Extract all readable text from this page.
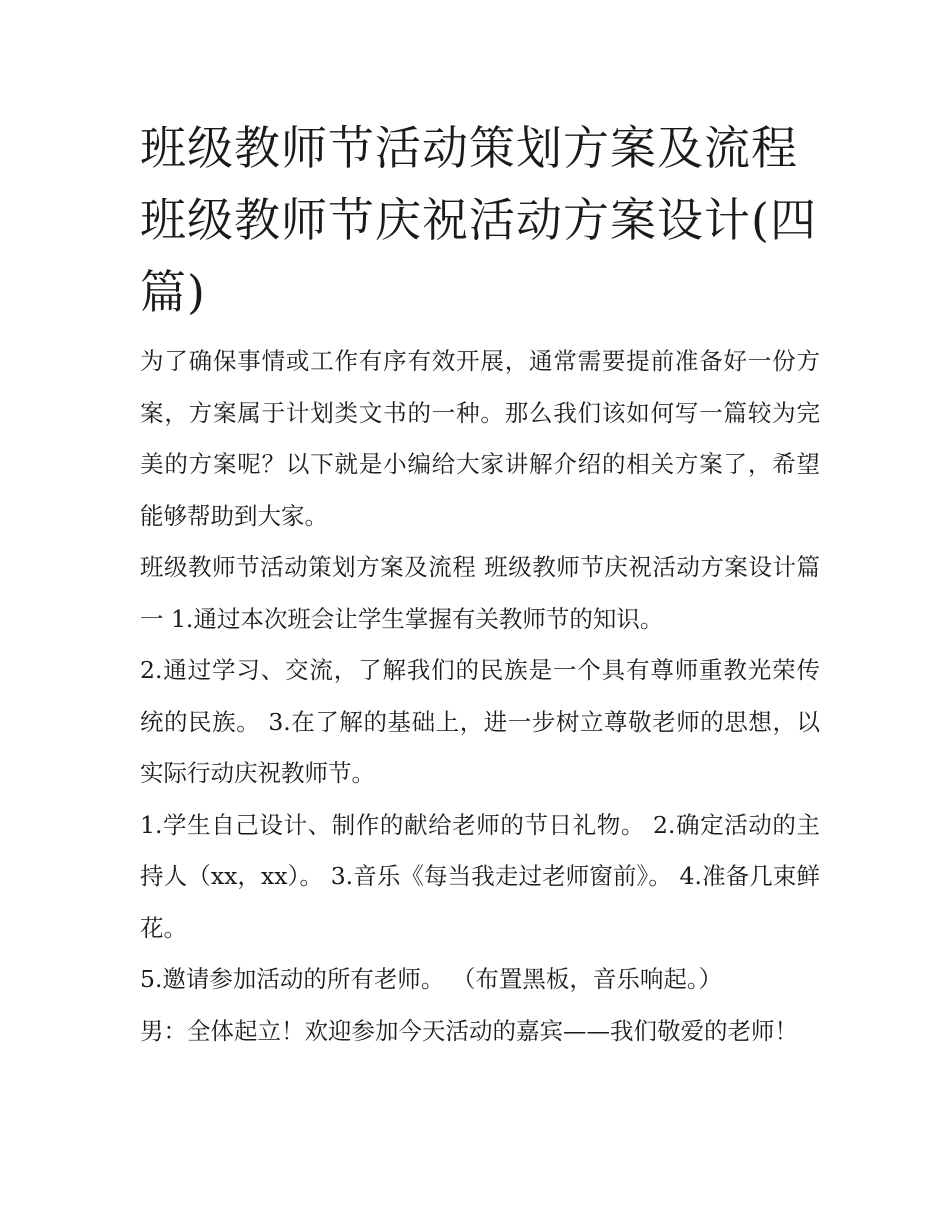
班级教师节活动策划方案及流程 班级教师节庆祝活动方案设计(四篇)

为了确保事情或工作有序有效开展，通常需要提前准备好一份方案，方案属于计划类文书的一种。那么我们该如何写一篇较为完美的方案呢？以下就是小编给大家讲解介绍的相关方案了，希望能够帮助到大家。

班级教师节活动策划方案及流程 班级教师节庆祝活动方案设计篇一 1.通过本次班会让学生掌握有关教师节的知识。

2.通过学习、交流，了解我们的民族是一个具有尊师重教光荣传统的民族。 3.在了解的基础上，进一步树立尊敬老师的思想，以实际行动庆祝教师节。

1.学生自己设计、制作的献给老师的节日礼物。 2.确定活动的主持人（xx，xx）。 3.音乐《每当我走过老师窗前》。 4.准备几束鲜花。

5.邀请参加活动的所有老师。 （布置黑板，音乐响起。）

男：全体起立！欢迎参加今天活动的嘉宾——我们敬爱的老师！
